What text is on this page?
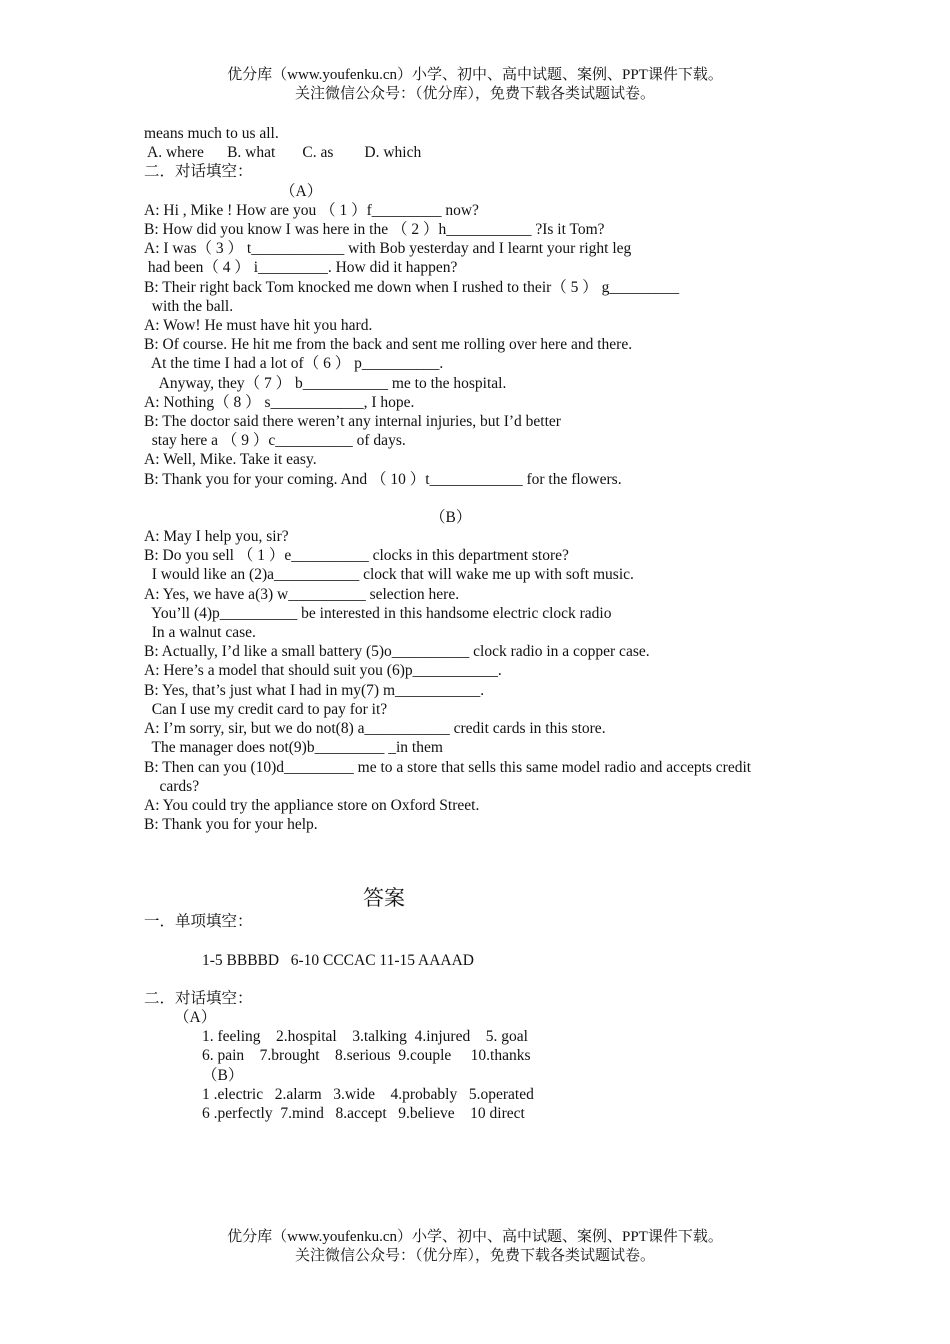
优分库（www.youfenku.cn）小学、初中、高中试题、案例、PPT课件下载。
关注微信公众号：（优分库），免费下载各类试题试卷。
means much to us all.
A. where      B. what       C. as        D. which
二．对话填空：
（A）
A: Hi , Mike ! How are you （ 1 ）f_________ now?
B: How did you know I was here in the （ 2 ）h___________ ?Is it Tom?
A: I was（ 3 ） t____________ with Bob yesterday and I learnt your right leg
had been（ 4 ） i_________. How did it happen?
B: Their right back Tom knocked me down when I rushed to their（ 5 ） g_________
with the ball.
A: Wow! He must have hit you hard.
B: Of course. He hit me from the back and sent me rolling over here and there.
At the time I had a lot of（ 6 ） p__________.
Anyway, they（ 7 ） b___________ me to the hospital.
A: Nothing（ 8 ） s____________, I hope.
B: The doctor said there weren’t any internal injuries, but I’d better
stay here a （ 9 ）c__________ of days.
A: Well, Mike. Take it easy.
B: Thank you for your coming. And （ 10 ）t____________ for the flowers.
（B）
A: May I help you, sir?
B: Do you sell （ 1 ）e__________ clocks in this department store?
I would like an (2)a___________ clock that will wake me up with soft music.
A: Yes, we have a(3) w__________ selection here.
You’ll (4)p__________ be interested in this handsome electric clock radio
In a walnut case.
B: Actually, I’d like a small battery (5)o__________ clock radio in a copper case.
A: Here’s a model that should suit you (6)p___________.
B: Yes, that’s just what I had in my(7) m___________.
Can I use my credit card to pay for it?
A: I’m sorry, sir, but we do not(8) a___________ credit cards in this store.
The manager does not(9)b_________ _in them
B: Then can you (10)d_________ me to a store that sells this same model radio and accepts credit
cards?
A: You could try the appliance store on Oxford Street.
B: Thank you for your help.
答案
一．单项填空：
1-5 BBBBD   6-10 CCCAC 11-15 AAAAD
二．对话填空：
（A）
1. feeling    2.hospital    3.talking  4.injured    5. goal
6. pain    7.brought    8.serious  9.couple     10.thanks
（B）
1 .electric   2.alarm   3.wide    4.probably   5.operated
6 .perfectly  7.mind   8.accept   9.believe    10 direct
优分库（www.youfenku.cn）小学、初中、高中试题、案例、PPT课件下载。
关注微信公众号：（优分库），免费下载各类试题试卷。
